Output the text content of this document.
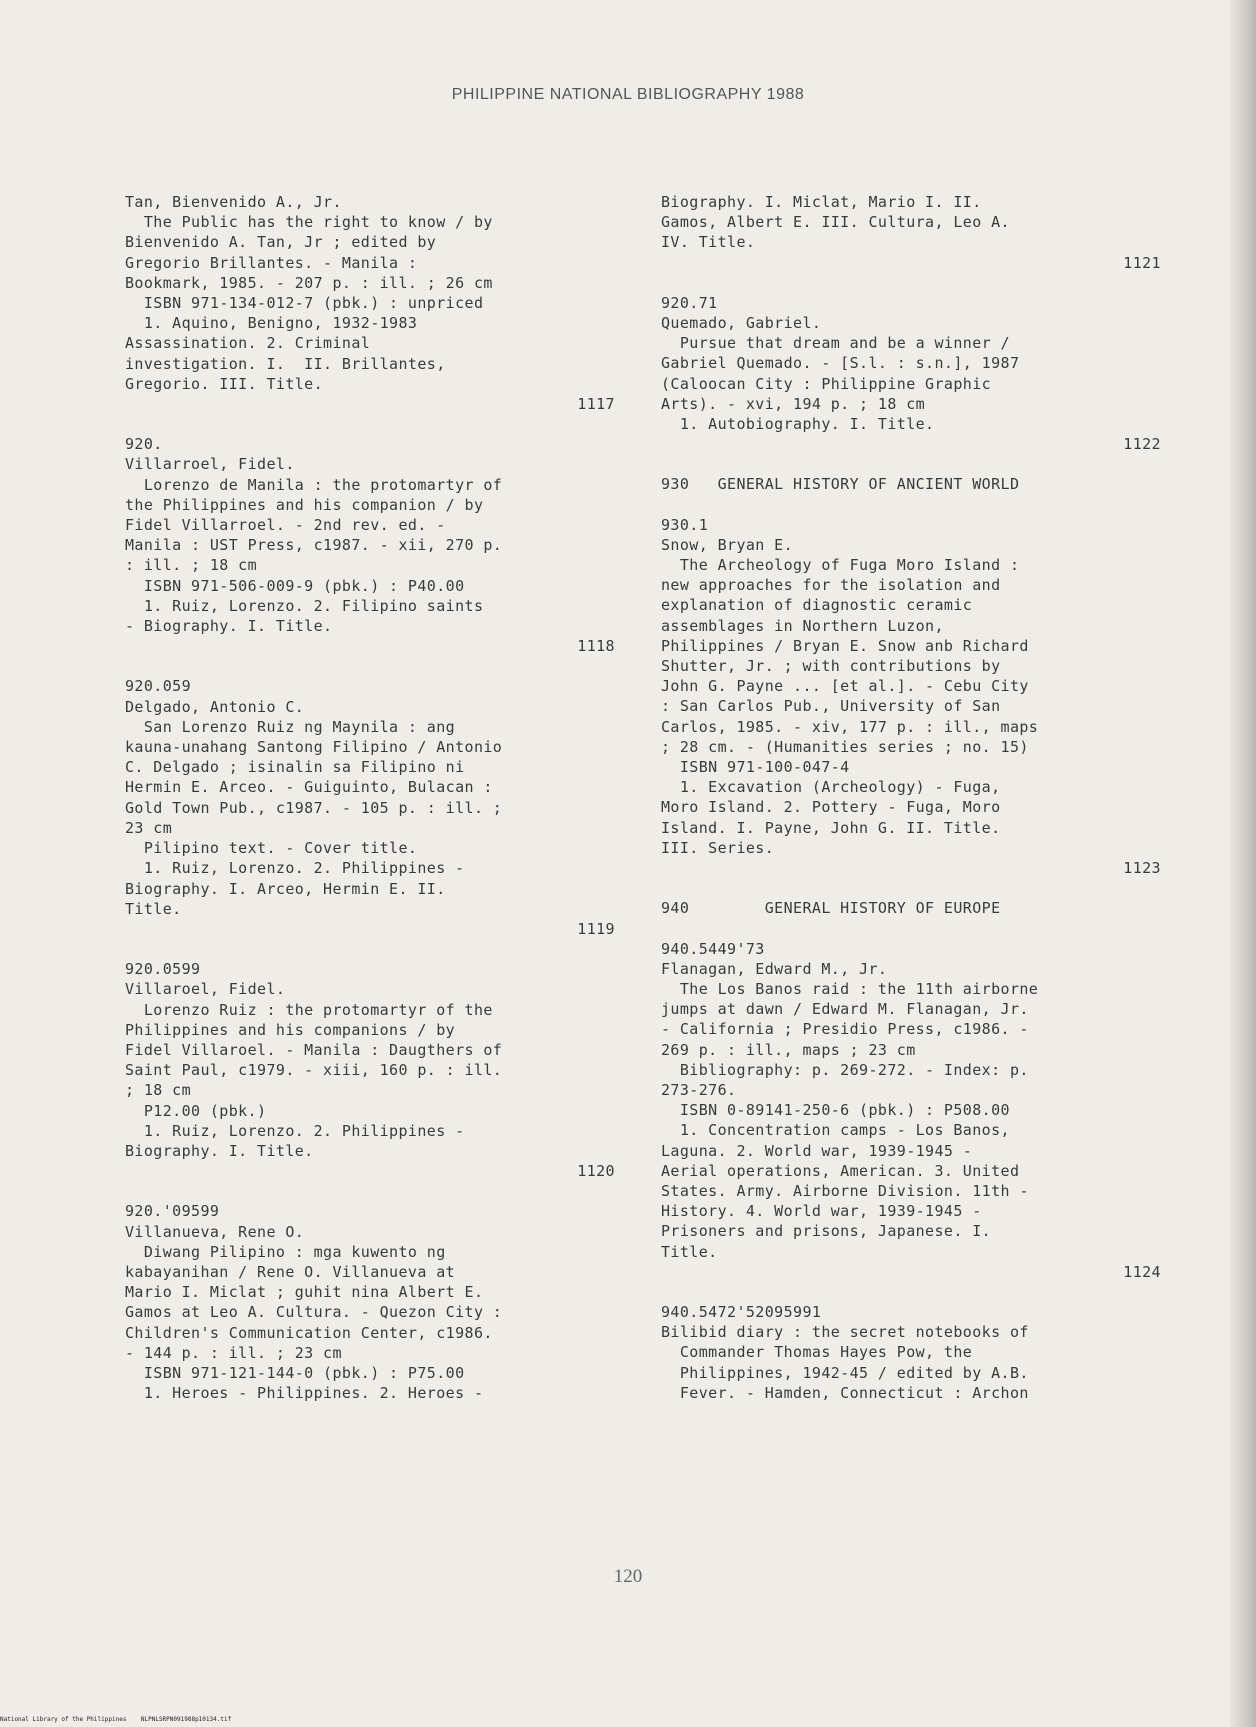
PHILIPPINE NATIONAL BIBLIOGRAPHY 1988
Tan, Bienvenido A., Jr.
The Public has the right to know / by
Bienvenido A. Tan, Jr ; edited by
Gregorio Brillantes. - Manila :
Bookmark, 1985. - 207 p. : ill. ; 26 cm
ISBN 971-134-012-7 (pbk.) : unpriced
1. Aquino, Benigno, 1932-1983
Assassination. 2. Criminal
investigation. I.  II. Brillantes,
Gregorio. III. Title.
1117
920.
Villarroel, Fidel.
Lorenzo de Manila : the protomartyr of
the Philippines and his companion / by
Fidel Villarroel. - 2nd rev. ed. -
Manila : UST Press, c1987. - xii, 270 p.
: ill. ; 18 cm
ISBN 971-506-009-9 (pbk.) : P40.00
1. Ruiz, Lorenzo. 2. Filipino saints
- Biography. I. Title.
1118
920.059
Delgado, Antonio C.
San Lorenzo Ruiz ng Maynila : ang
kauna-unahang Santong Filipino / Antonio
C. Delgado ; isinalin sa Filipino ni
Hermin E. Arceo. - Guiguinto, Bulacan :
Gold Town Pub., c1987. - 105 p. : ill. ;
23 cm
Pilipino text. - Cover title.
1. Ruiz, Lorenzo. 2. Philippines -
Biography. I. Arceo, Hermin E. II.
Title.
1119
920.0599
Villaroel, Fidel.
Lorenzo Ruiz : the protomartyr of the
Philippines and his companions / by
Fidel Villaroel. - Manila : Daugthers of
Saint Paul, c1979. - xiii, 160 p. : ill.
; 18 cm
P12.00 (pbk.)
1. Ruiz, Lorenzo. 2. Philippines -
Biography. I. Title.
1120
920.'09599
Villanueva, Rene O.
Diwang Pilipino : mga kuwento ng
kabayanihan / Rene O. Villanueva at
Mario I. Miclat ; guhit nina Albert E.
Gamos at Leo A. Cultura. - Quezon City :
Children's Communication Center, c1986.
- 144 p. : ill. ; 23 cm
ISBN 971-121-144-0 (pbk.) : P75.00
1. Heroes - Philippines. 2. Heroes -
Biography. I. Miclat, Mario I. II.
Gamos, Albert E. III. Cultura, Leo A.
IV. Title.
1121
920.71
Quemado, Gabriel.
Pursue that dream and be a winner /
Gabriel Quemado. - [S.l. : s.n.], 1987
(Caloocan City : Philippine Graphic
Arts). - xvi, 194 p. ; 18 cm
1. Autobiography. I. Title.
1122
930   GENERAL HISTORY OF ANCIENT WORLD
930.1
Snow, Bryan E.
The Archeology of Fuga Moro Island :
new approaches for the isolation and
explanation of diagnostic ceramic
assemblages in Northern Luzon,
Philippines / Bryan E. Snow anb Richard
Shutter, Jr. ; with contributions by
John G. Payne ... [et al.]. - Cebu City
: San Carlos Pub., University of San
Carlos, 1985. - xiv, 177 p. : ill., maps
; 28 cm. - (Humanities series ; no. 15)
ISBN 971-100-047-4
1. Excavation (Archeology) - Fuga,
Moro Island. 2. Pottery - Fuga, Moro
Island. I. Payne, John G. II. Title.
III. Series.
1123
940        GENERAL HISTORY OF EUROPE
940.5449'73
Flanagan, Edward M., Jr.
The Los Banos raid : the 11th airborne
jumps at dawn / Edward M. Flanagan, Jr.
- California ; Presidio Press, c1986. -
269 p. : ill., maps ; 23 cm
Bibliography: p. 269-272. - Index: p.
273-276.
ISBN 0-89141-250-6 (pbk.) : P508.00
1. Concentration camps - Los Banos,
Laguna. 2. World war, 1939-1945 -
Aerial operations, American. 3. United
States. Army. Airborne Division. 11th -
History. 4. World war, 1939-1945 -
Prisoners and prisons, Japanese. I.
Title.
1124
940.5472'52095991
Bilibid diary : the secret notebooks of
Commander Thomas Hayes Pow, the
Philippines, 1942-45 / edited by A.B.
Fever. - Hamden, Connecticut : Archon
120
National Library of the Philippines    NLPNLSRPN091988p10134.tif
